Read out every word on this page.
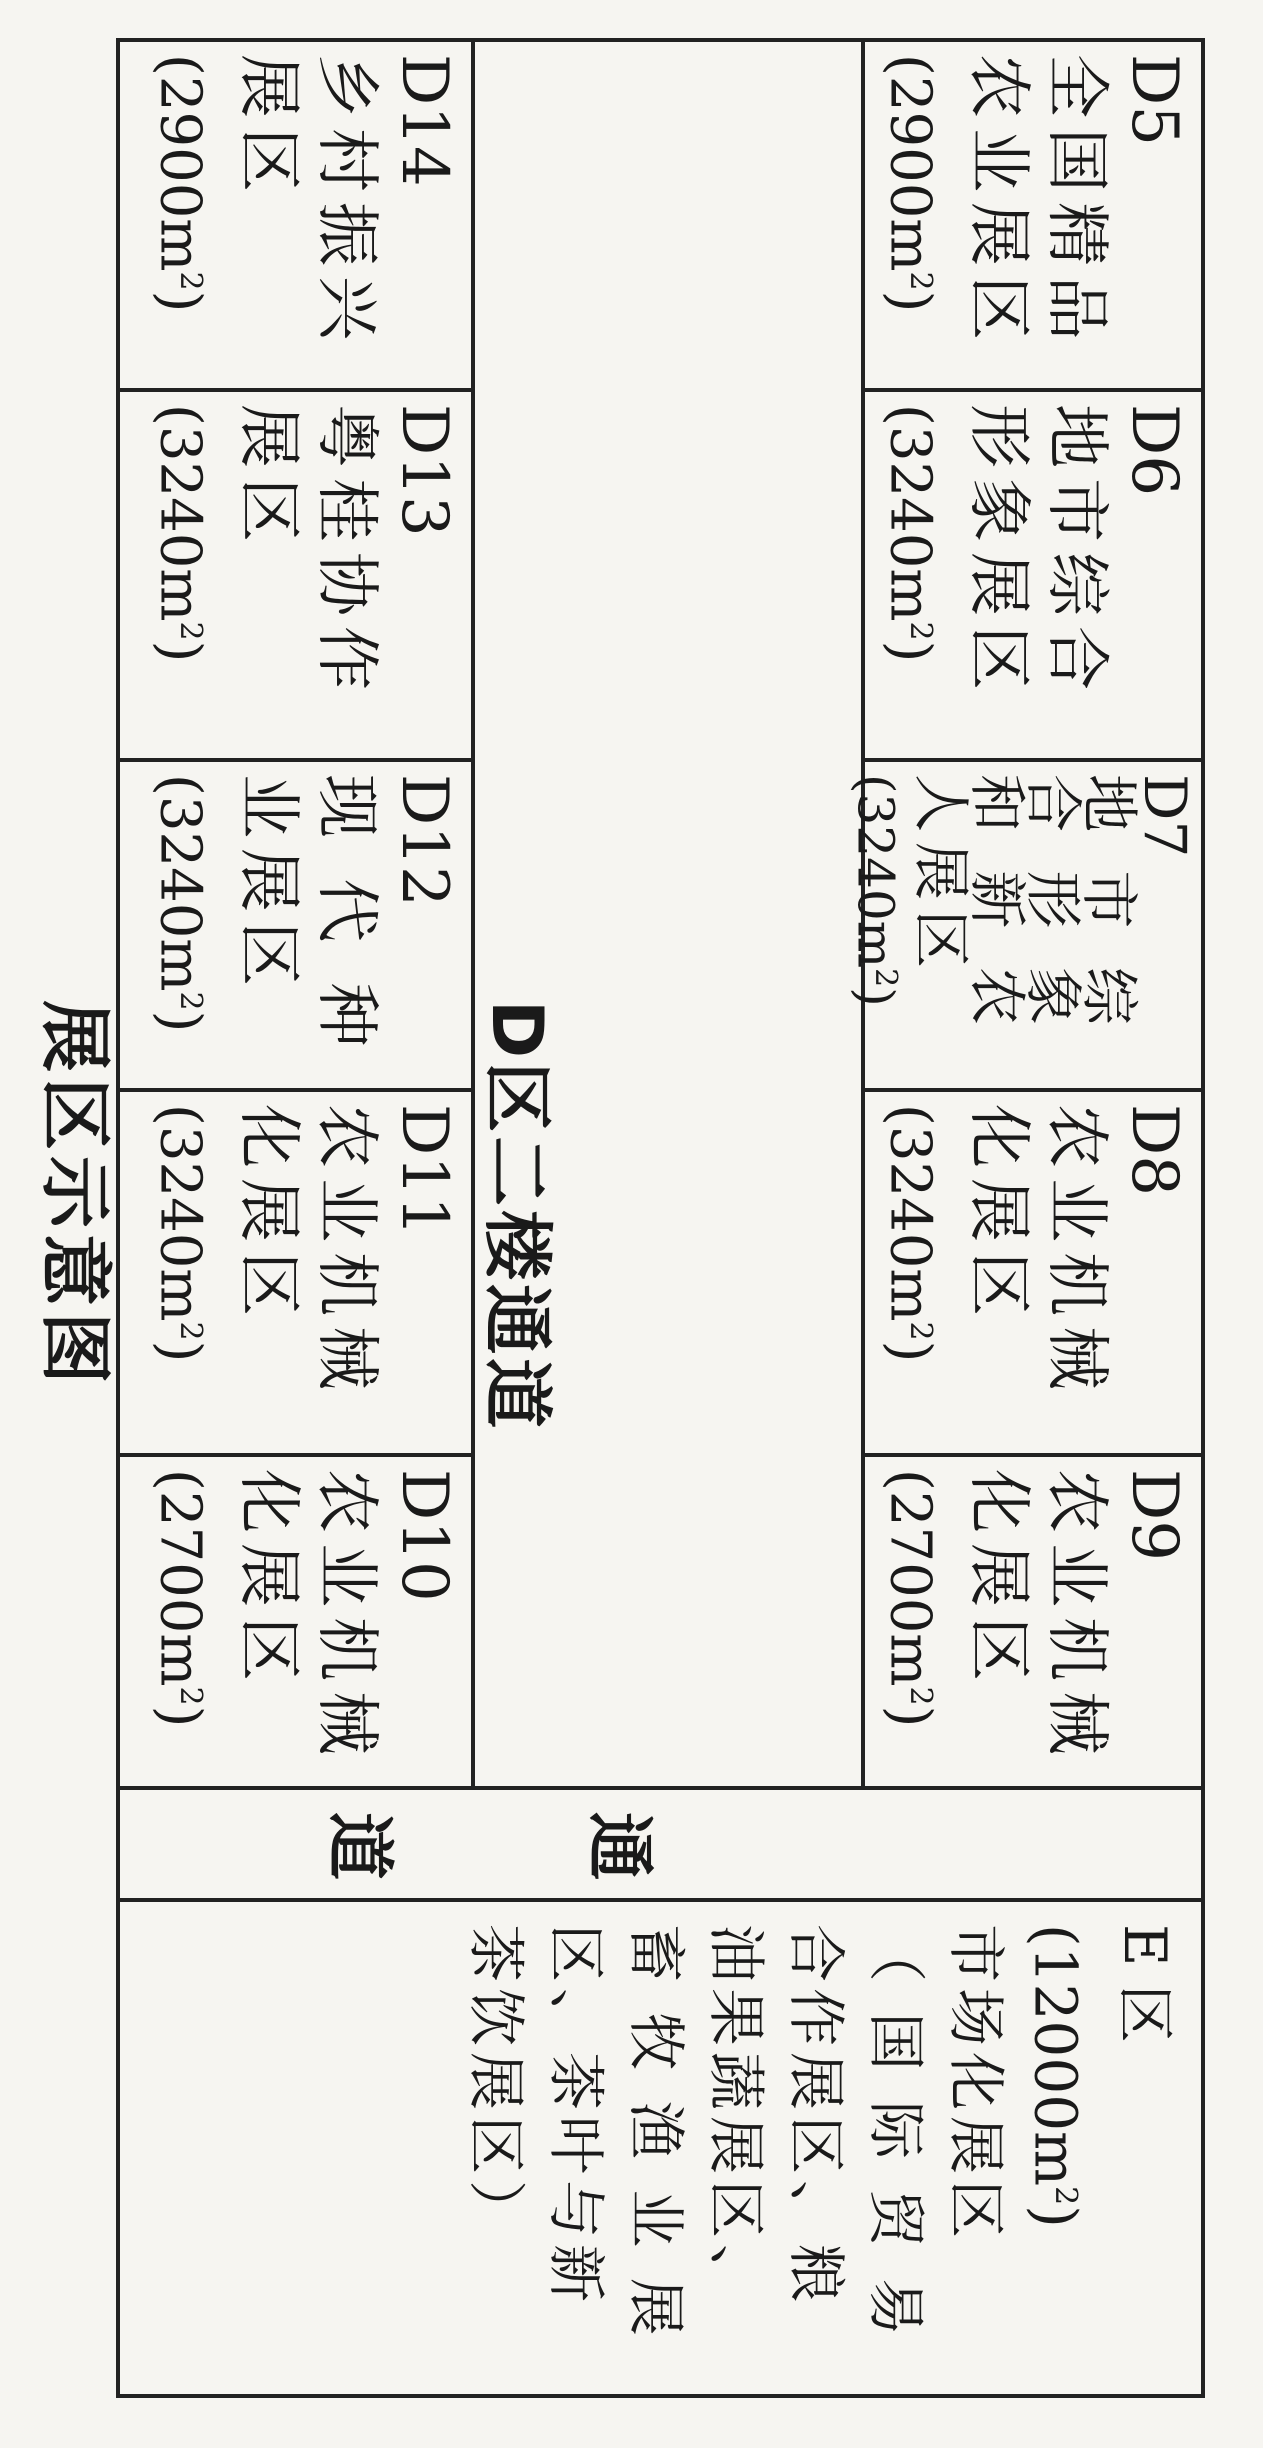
展区示意图	D区二楼通道
通
道
D5
全国精品
农业展区
$(2900m^2)$
D6
地市综合
形象展区
$(3240m^2)$
D7
地 市 综
合 形 象
和 新 农
人展区
$(3240m^2)$
D8
农业机械
化展区
$(3240m^2)$
D9
农业机械
化展区
$(2700m^2)$
D14
乡村振兴
展区
$(2900m^2)$
D13
粤桂协作
展区
$(3240m^2)$
D12
现 代 种
业展区
$(3240m^2)$
D11
农业机械
化展区
$(3240m^2)$
D10
农业机械
化展区
$(2700m^2)$
E 区
$(12000m^2)$
市场化展区
（ 国 际 贸 易
合作展区、粮
油果蔬展区、
畜 牧 渔 业 展
区、茶叶与新
茶饮展区）
